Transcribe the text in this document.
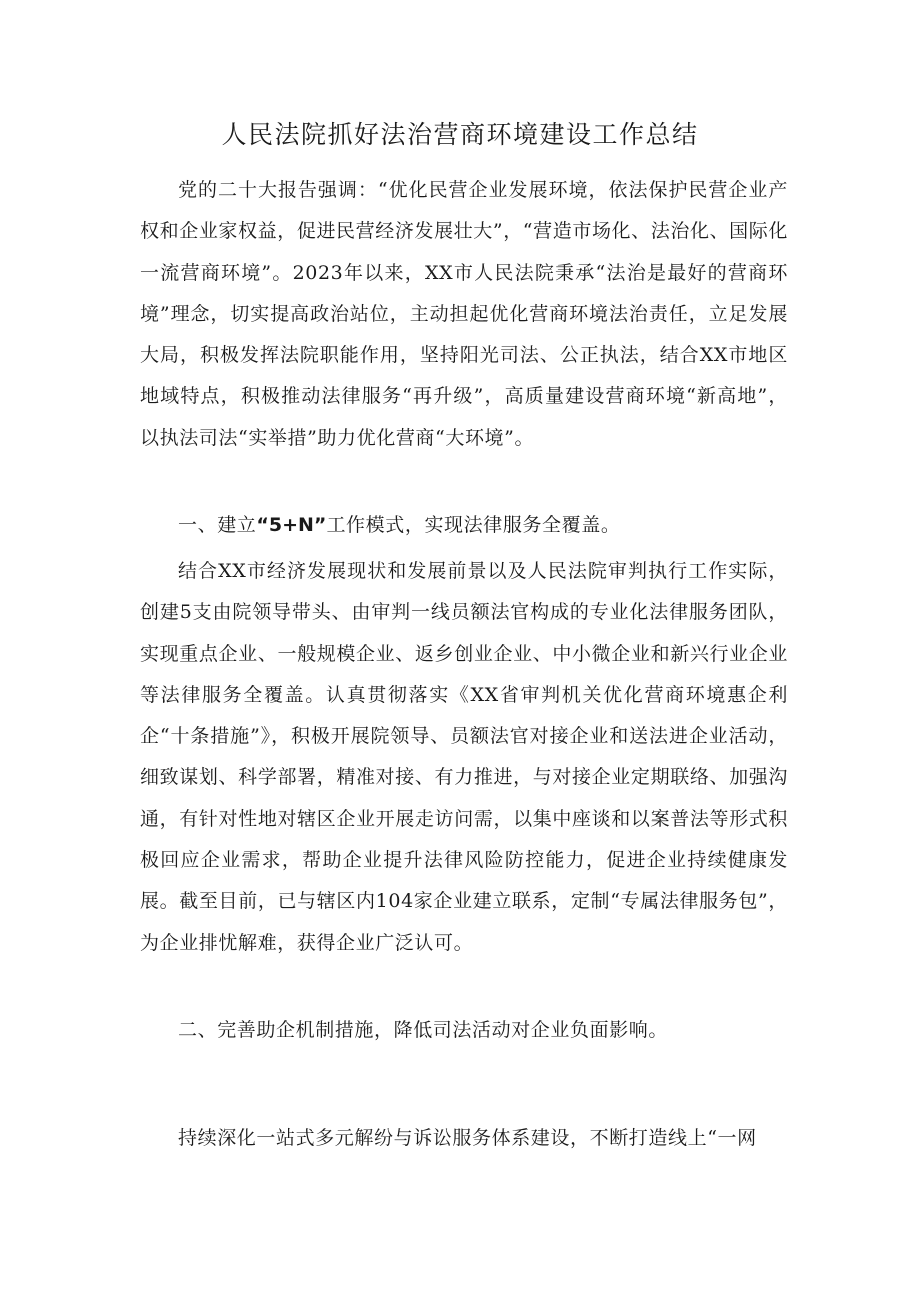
人民法院抓好法治营商环境建设工作总结

党的二十大报告强调：“优化民营企业发展环境，依法保护民营企业产权和企业家权益，促进民营经济发展壮大”，“营造市场化、法治化、国际化一流营商环境”。2023年以来，XX市人民法院秉承“法治是最好的营商环境”理念，切实提高政治站位，主动担起优化营商环境法治责任，立足发展大局，积极发挥法院职能作用，坚持阳光司法、公正执法，结合XX市地区地域特点，积极推动法律服务“再升级”，高质量建设营商环境“新高地”，以执法司法“实举措”助力优化营商“大环境”。

一、建立“5+N”工作模式，实现法律服务全覆盖。

结合XX市经济发展现状和发展前景以及人民法院审判执行工作实际，创建5支由院领导带头、由审判一线员额法官构成的专业化法律服务团队，实现重点企业、一般规模企业、返乡创业企业、中小微企业和新兴行业企业等法律服务全覆盖。认真贯彻落实《XX省审判机关优化营商环境惠企利企“十条措施”》，积极开展院领导、员额法官对接企业和送法进企业活动，细致谋划、科学部署，精准对接、有力推进，与对接企业定期联络、加强沟通，有针对性地对辖区企业开展走访问需，以集中座谈和以案普法等形式积极回应企业需求，帮助企业提升法律风险防控能力，促进企业持续健康发展。截至目前，已与辖区内104家企业建立联系，定制“专属法律服务包”，为企业排忧解难，获得企业广泛认可。

二、完善助企机制措施，降低司法活动对企业负面影响。

持续深化一站式多元解纷与诉讼服务体系建设，不断打造线上“一网
